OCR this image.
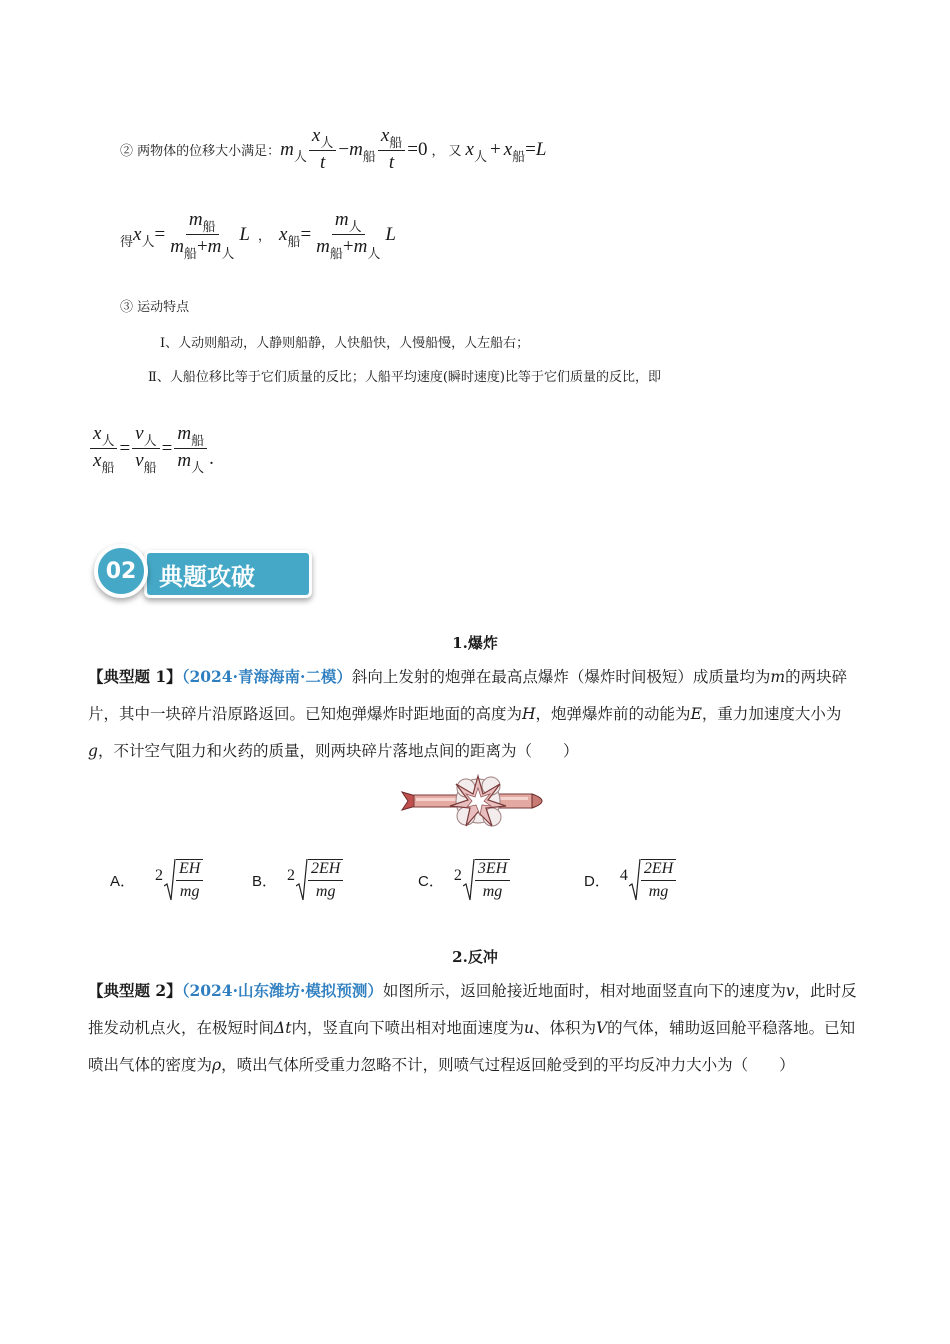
② 两物体的位移大小满足： m 人 $\frac{x_人}{t} - m$ 船 $\frac{x_船}{t} = 0$ ， 又 x 人 + x 船 = L
得 x 人 = $\frac{m_船}{m_船+m_人}$ L ， x 船 = $\frac{m_人}{m_船+m_人}$ L
③ 运动特点
Ⅰ、人动则船动，人静则船静，人快船快，人慢船慢，人左船右；
Ⅱ、人船位移比等于它们质量的反比；人船平均速度(瞬时速度)比等于它们质量的反比，即
$\frac{x_人}{x_船} = \frac{v_人}{v_船} = \frac{m_船}{m_人}$ .
典题攻破
02
1.爆炸
【典型题 1】（2024·青海海南·二模）斜向上发射的炮弹在最高点爆炸（爆炸时间极短）成质量均为m的两块碎片，其中一块碎片沿原路返回。已知炮弹爆炸时距地面的高度为H，炮弹爆炸前的动能为E，重力加速度大小为g，不计空气阻力和火药的质量，则两块碎片落地点间的距离为（　　）
A． $2 \frac{EH}{mg}$	B． $2 \frac{2EH}{mg}$	C． $2 \frac{3EH}{mg}$	D． $4 \frac{2EH}{mg}$
2.反冲
【典型题 2】（2024·山东潍坊·模拟预测）如图所示，返回舱接近地面时，相对地面竖直向下的速度为v，此时反推发动机点火，在极短时间Δt内，竖直向下喷出相对地面速度为u、体积为V的气体，辅助返回舱平稳落地。已知喷出气体的密度为ρ，喷出气体所受重力忽略不计，则喷气过程返回舱受到的平均反冲力大小为（　　）
